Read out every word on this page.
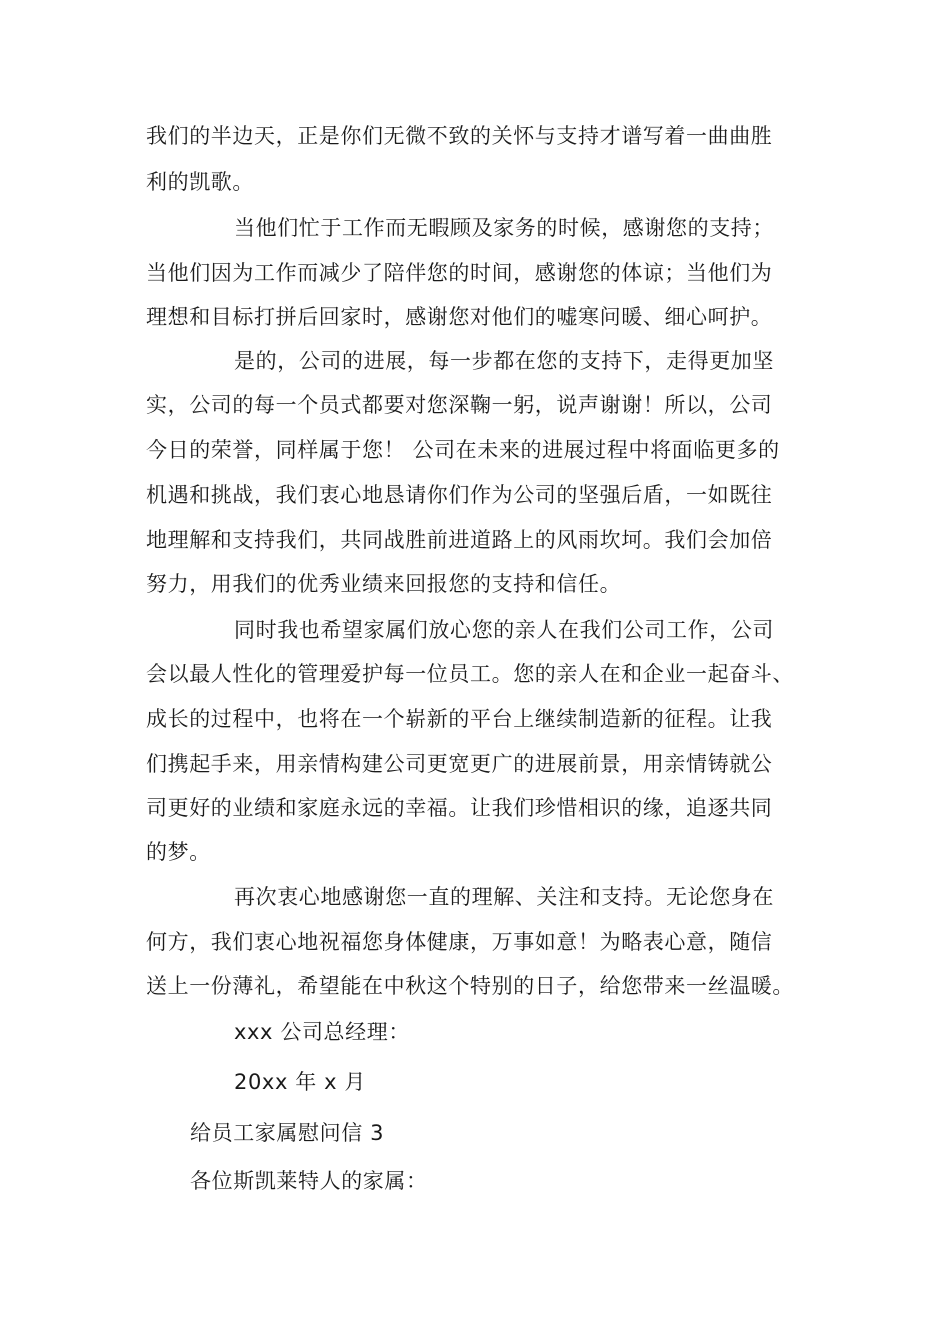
我们的半边天，正是你们无微不致的关怀与支持才谱写着一曲曲胜
利的凯歌。
当他们忙于工作而无暇顾及家务的时候，感谢您的支持；
当他们因为工作而减少了陪伴您的时间，感谢您的体谅；当他们为
理想和目标打拼后回家时，感谢您对他们的嘘寒问暖、细心呵护。
是的，公司的进展，每一步都在您的支持下，走得更加坚
实，公司的每一个员式都要对您深鞠一躬，说声谢谢！所以，公司
今日的荣誉，同样属于您！ 公司在未来的进展过程中将面临更多的
机遇和挑战，我们衷心地恳请你们作为公司的坚强后盾，一如既往
地理解和支持我们，共同战胜前进道路上的风雨坎坷。我们会加倍
努力，用我们的优秀业绩来回报您的支持和信任。
同时我也希望家属们放心您的亲人在我们公司工作，公司
会以最人性化的管理爱护每一位员工。您的亲人在和企业一起奋斗、
成长的过程中，也将在一个崭新的平台上继续制造新的征程。让我
们携起手来，用亲情构建公司更宽更广的进展前景，用亲情铸就公
司更好的业绩和家庭永远的幸福。让我们珍惜相识的缘，追逐共同
的梦。
再次衷心地感谢您一直的理解、关注和支持。无论您身在
何方，我们衷心地祝福您身体健康，万事如意！为略表心意，随信
送上一份薄礼，希望能在中秋这个特别的日子，给您带来一丝温暖。
xxx 公司总经理：
20xx 年 x 月
给员工家属慰问信 3
各位斯凯莱特人的家属：
